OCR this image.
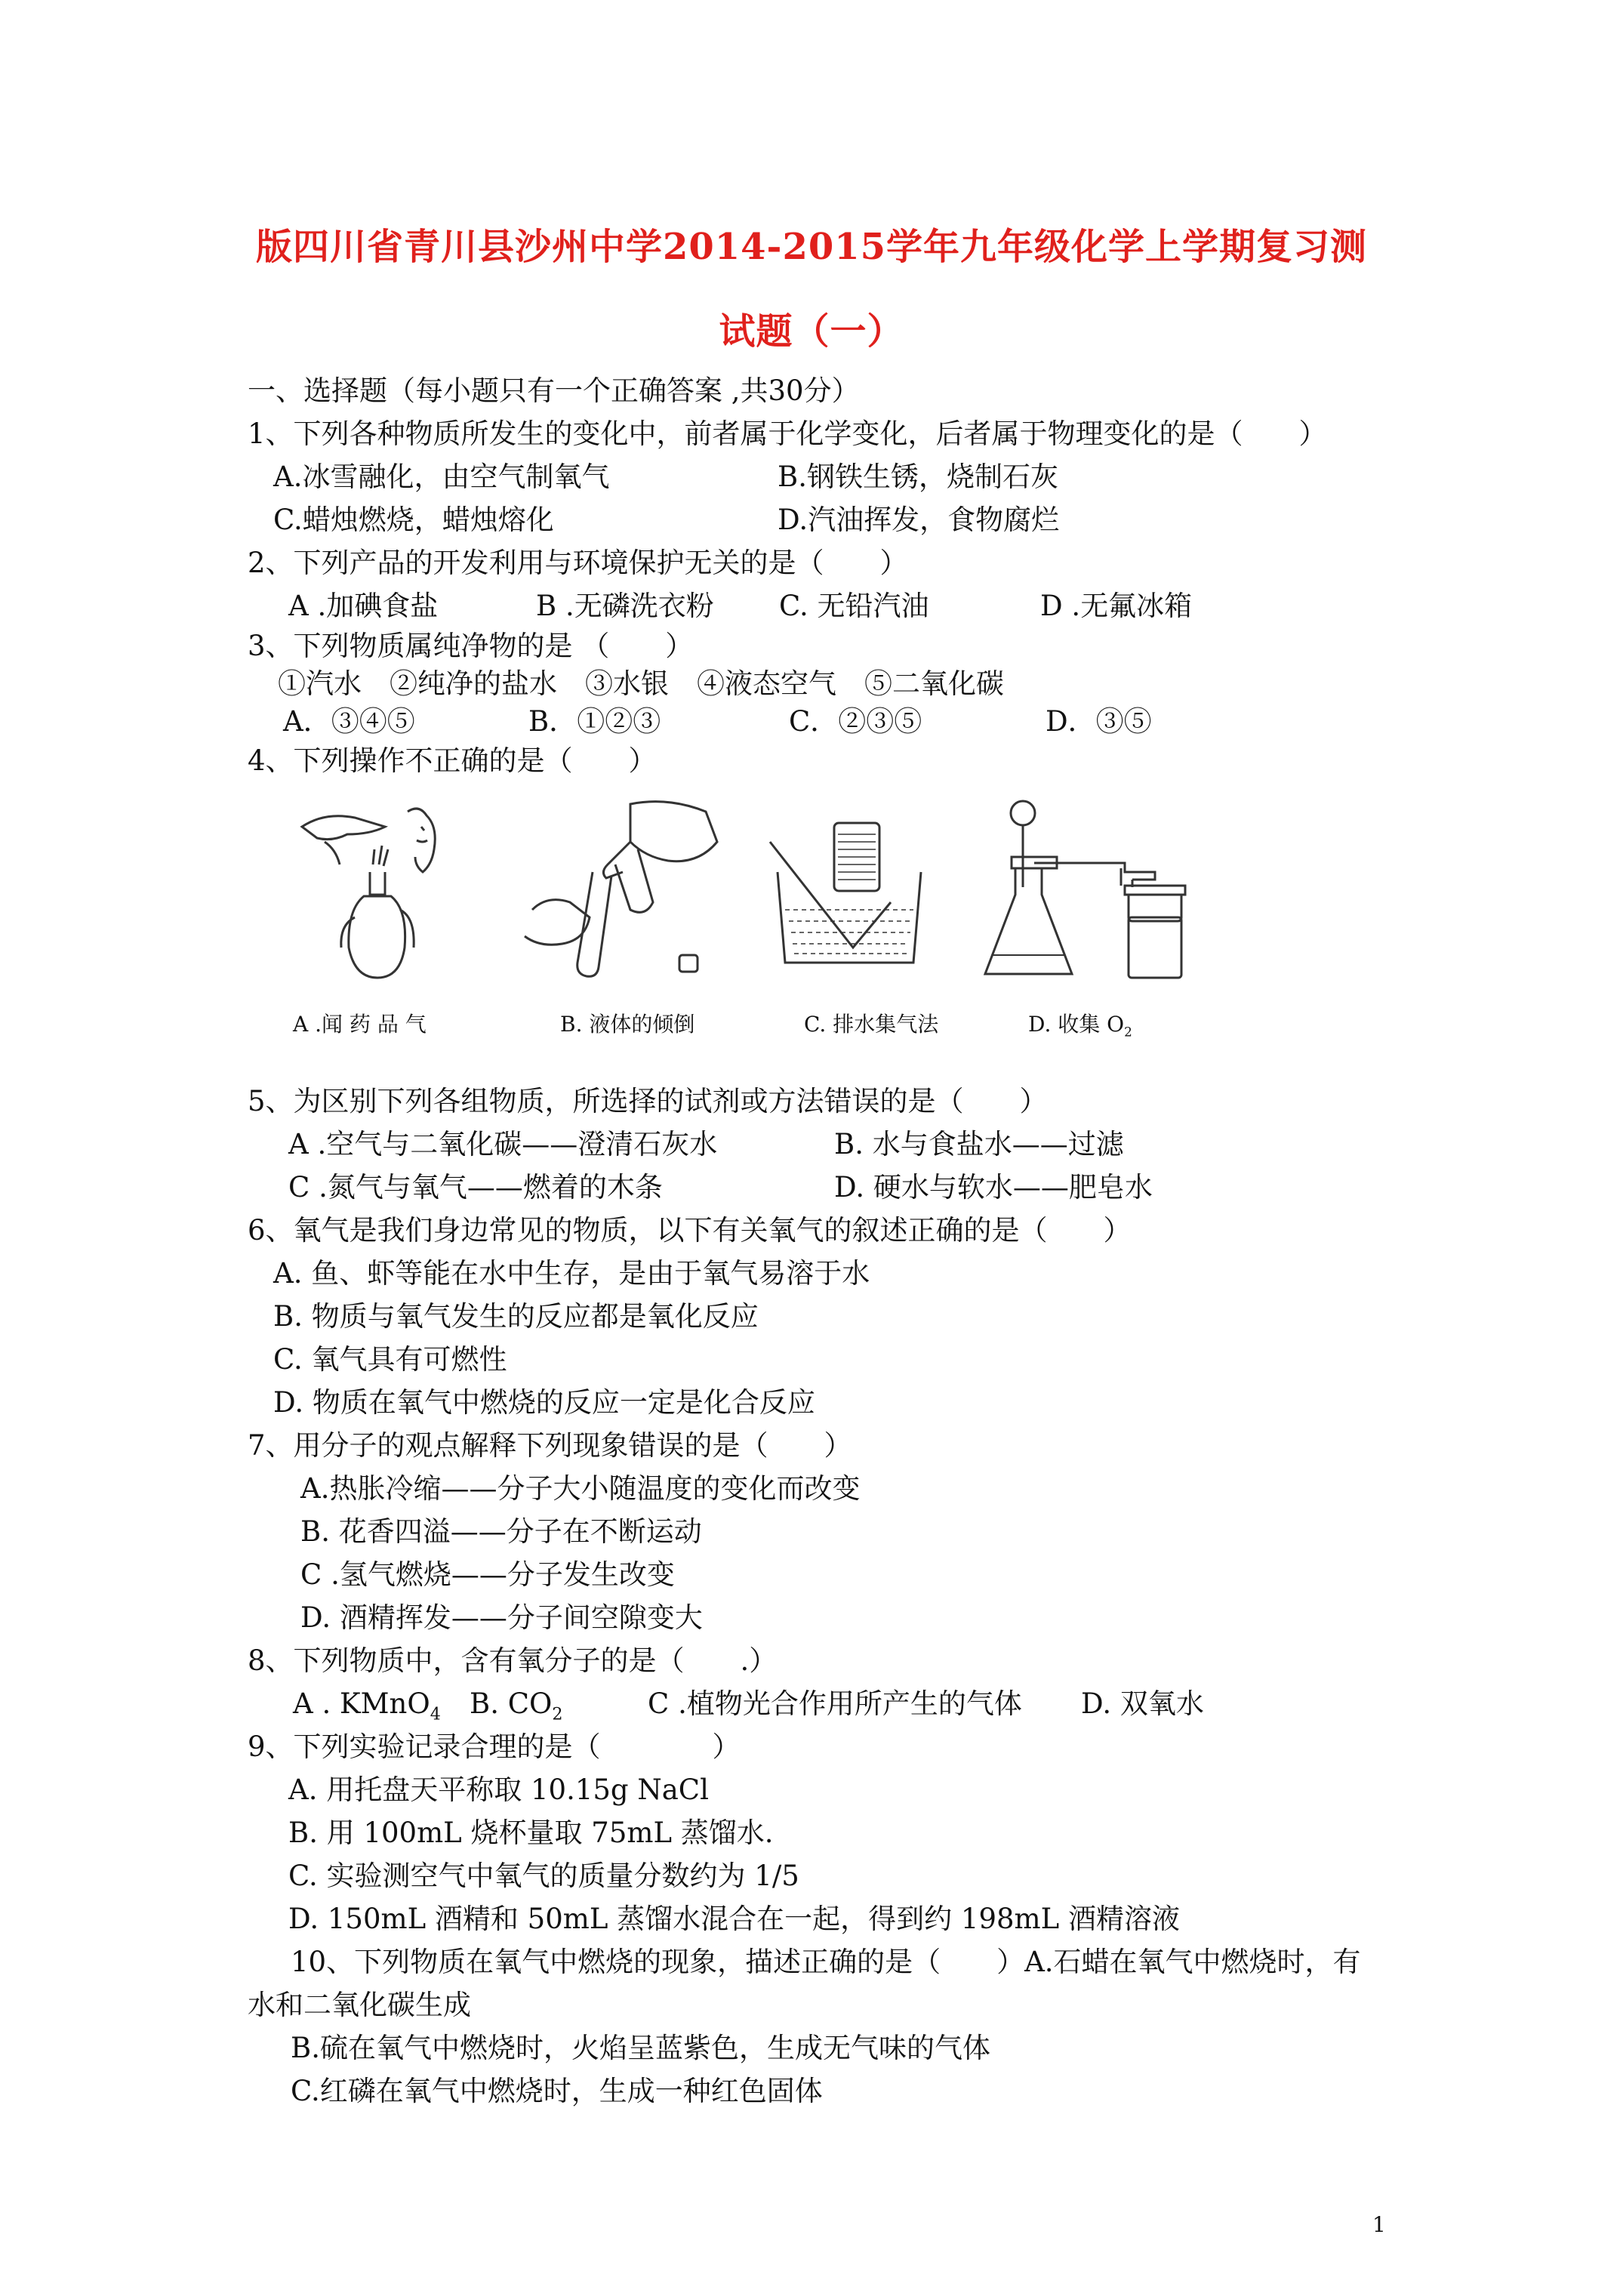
版四川省青川县沙州中学2014-2015学年九年级化学上学期复习测
试题（一）
一、选择题（每小题只有一个正确答案 ,共30分）
1、下列各种物质所发生的变化中，前者属于化学变化，后者属于物理变化的是（　　）
A.冰雪融化，由空气制氧气	B.钢铁生锈，烧制石灰
C.蜡烛燃烧，蜡烛熔化	D.汽油挥发，食物腐烂
2、下列产品的开发利用与环境保护无关的是（　　）
A .加碘食盐	B .无磷洗衣粉 C. 无铅汽油	D .无氟冰箱
3、下列物质属纯净物的是 （　　）
①汽水　②纯净的盐水　③水银　④液态空气　⑤二氧化碳
A．③④⑤	B．①②③	C．②③⑤	D．③⑤
4、下列操作不正确的是（　　）
A .闻 药 品 气	B. 液体的倾倒	C. 排水集气法	D. 收集 $O_2$
5、为区别下列各组物质，所选择的试剂或方法错误的是（　　）
A .空气与二氧化碳——澄清石灰水	B. 水与食盐水——过滤
C .氮气与氧气——燃着的木条	D. 硬水与软水——肥皂水
6、氧气是我们身边常见的物质，以下有关氧气的叙述正确的是（　　）
A. 鱼、虾等能在水中生存，是由于氧气易溶于水
B. 物质与氧气发生的反应都是氧化反应
C. 氧气具有可燃性
D. 物质在氧气中燃烧的反应一定是化合反应
7、用分子的观点解释下列现象错误的是（　　）
A.热胀冷缩——分子大小随温度的变化而改变
B. 花香四溢——分子在不断运动
C .氢气燃烧——分子发生改变
D. 酒精挥发——分子间空隙变大
8、下列物质中，含有氧分子的是（　　.）
A . KMnO$_4$ B. $CO_2$	C .植物光合作用所产生的气体 D. 双氧水
9、下列实验记录合理的是（　　　　）
A. 用托盘天平称取 10.15g NaCl
B. 用 100mL 烧杯量取 75mL 蒸馏水.
C. 实验测空气中氧气的质量分数约为 1/5
D. 150mL 酒精和 50mL 蒸馏水混合在一起，得到约 198mL 酒精溶液
10、下列物质在氧气中燃烧的现象，描述正确的是（　　）A.石蜡在氧气中燃烧时，有
水和二氧化碳生成
B.硫在氧气中燃烧时，火焰呈蓝紫色，生成无气味的气体
C.红磷在氧气中燃烧时，生成一种红色固体
1
